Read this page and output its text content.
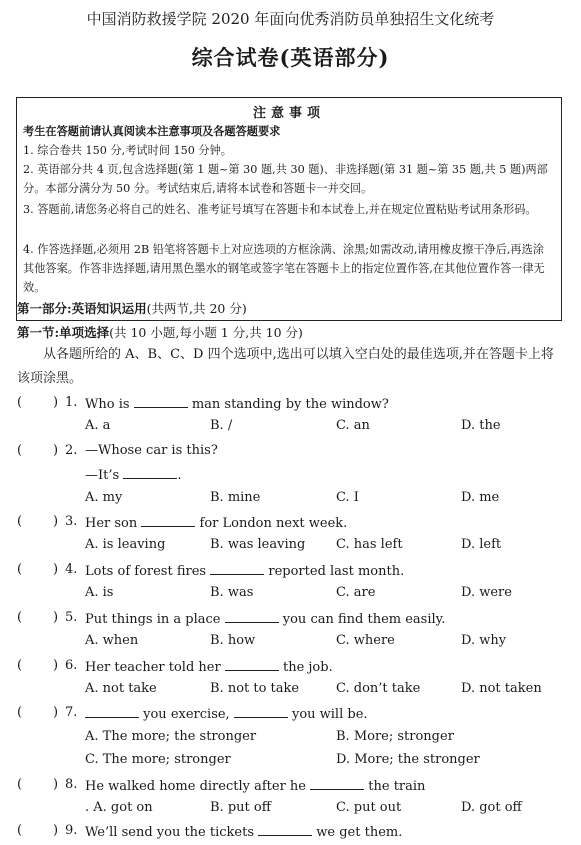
中国消防救援学院 2020 年面向优秀消防员单独招生文化统考
综合试卷(英语部分)
注意事项
考生在答题前请认真阅读本注意事项及各题答题要求
1. 综合卷共 150 分,考试时间 150 分钟。
2. 英语部分共 4 页,包含选择题(第 1 题~第 30 题,共 30 题)、非选择题(第 31 题~第 35 题,共 5 题)两部分。本部分满分为 50 分。考试结束后,请将本试卷和答题卡一并交回。
3. 答题前,请您务必将自己的姓名、准考证号填写在答题卡和本试卷上,并在规定位置粘贴考试用条形码。
4. 作答选择题,必须用 2B 铅笔将答题卡上对应选项的方框涂满、涂黑;如需改动,请用橡皮擦干净后,再选涂其他答案。作答非选择题,请用黑色墨水的钢笔或签字笔在答题卡上的指定位置作答,在其他位置作答一律无效。
第一部分:英语知识运用(共两节,共 20 分)
第一节:单项选择(共 10 小题,每小题 1 分,共 10 分)
从各题所给的 A、B、C、D 四个选项中,选出可以填入空白处的最佳选项,并在答题卡上将该项涂黑。
( ) 1. Who is	man standing by the window?
A. a	B. /	C. an	D. the
( ) 2. —Whose car is this?
—It’s	.
A. my	B. mine	C. I	D. me
( ) 3. Her son	for London next week.
A. is leaving	B. was leaving C. has left	D. left
( ) 4. Lots of forest fires	reported last month.
A. is	B. was	C. are	D. were
( ) 5. Put things in a place	you can find them easily.
A. when	B. how	C. where	D. why
( ) 6. Her teacher told her	the job.
A. not take	B. not to take	C. don’t take	D. not taken
( ) 7.	you exercise,	you will be.
A. The more; the stronger	B. More; stronger
C. The more; stronger	D. More; the stronger
( ) 8. He walked home directly after he	the train
. A. got on	B. put off	C. put out	D. got off
( ) 9. We’ll send you the tickets	we get them.
